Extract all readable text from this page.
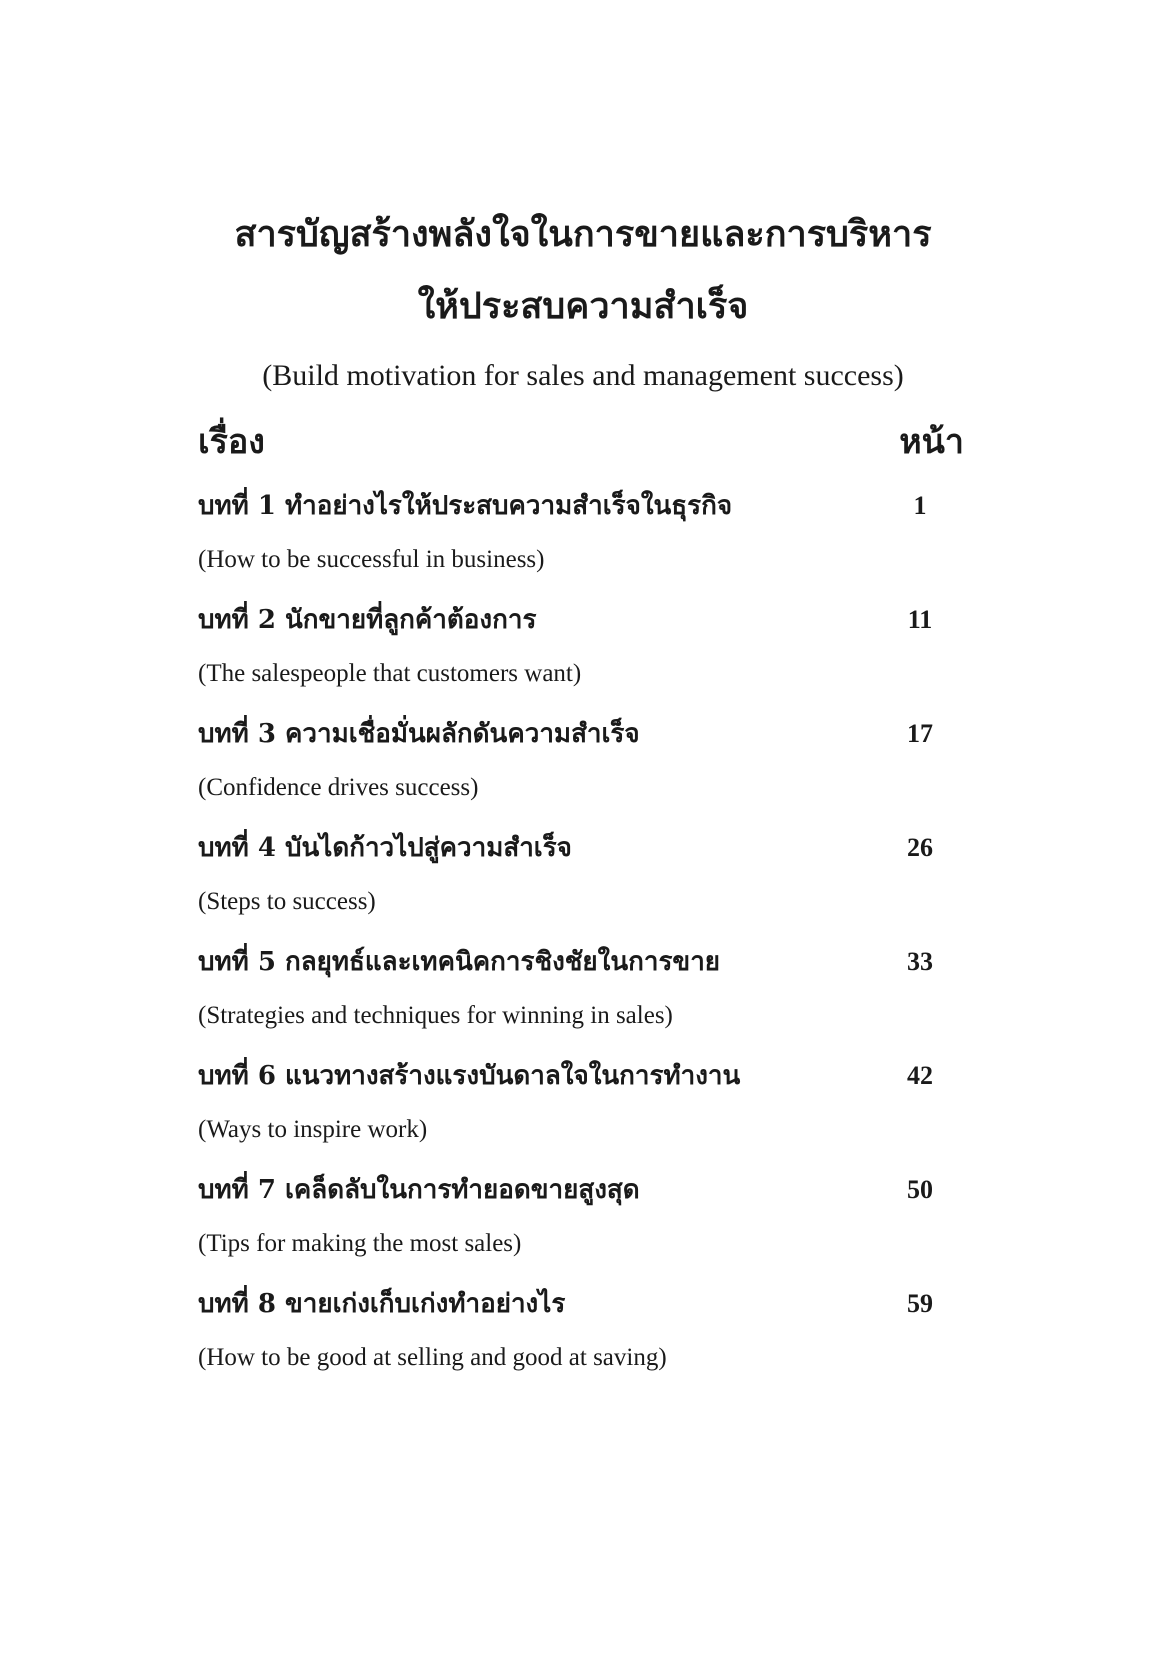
สารบัญสร้างพลังใจในการขายและการบริหาร
ให้ประสบความสำเร็จ
(Build motivation for sales and management success)
เรื่อง	หน้า
บทที่ 1 ทำอย่างไรให้ประสบความสำเร็จในธุรกิจ	1
(How to be successful in business)
บทที่ 2 นักขายที่ลูกค้าต้องการ	11
(The salespeople that customers want)
บทที่ 3 ความเชื่อมั่นผลักดันความสำเร็จ	17
(Confidence drives success)
บทที่ 4 บันไดก้าวไปสู่ความสำเร็จ	26
(Steps to success)
บทที่ 5 กลยุทธ์และเทคนิคการชิงชัยในการขาย	33
(Strategies and techniques for winning in sales)
บทที่ 6 แนวทางสร้างแรงบันดาลใจในการทำงาน	42
(Ways to inspire work)
บทที่ 7 เคล็ดลับในการทำยอดขายสูงสุด	50
(Tips for making the most sales)
บทที่ 8 ขายเก่งเก็บเก่งทำอย่างไร	59
(How to be good at selling and good at saving)
